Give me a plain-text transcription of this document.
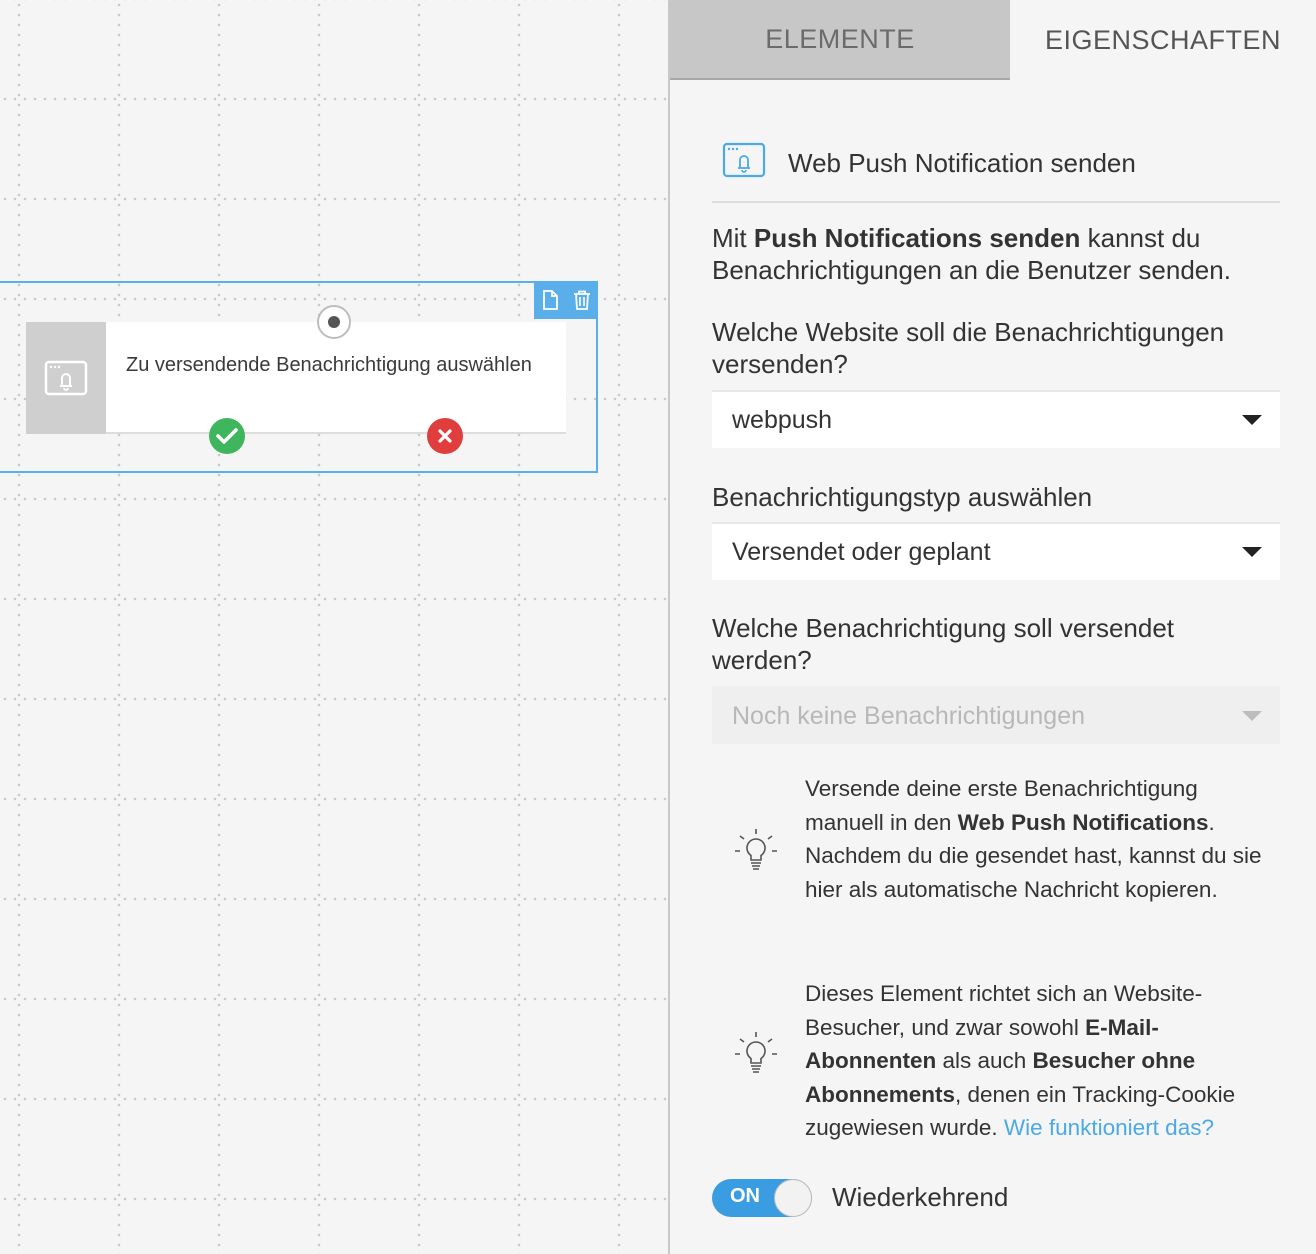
Zu versendende Benachrichtigung auswählen
ELEMENTE	EIGENSCHAFTEN
Web Push Notification senden
Mit Push Notifications senden kannst du Benachrichtigungen an die Benutzer senden.
Welche Website soll die Benachrichtigungen versenden?
webpush
Benachrichtigungstyp auswählen
Versendet oder geplant
Welche Benachrichtigung soll versendet werden?
Noch keine Benachrichtigungen
Versende deine erste Benachrichtigung manuell in den Web Push Notifications. Nachdem du die gesendet hast, kannst du sie hier als automatische Nachricht kopieren.
Dieses Element richtet sich an Website-Besucher, und zwar sowohl E-Mail-Abonnenten als auch Besucher ohne Abonnements, denen ein Tracking-Cookie zugewiesen wurde. Wie funktioniert das?
ON	Wiederkehrend
